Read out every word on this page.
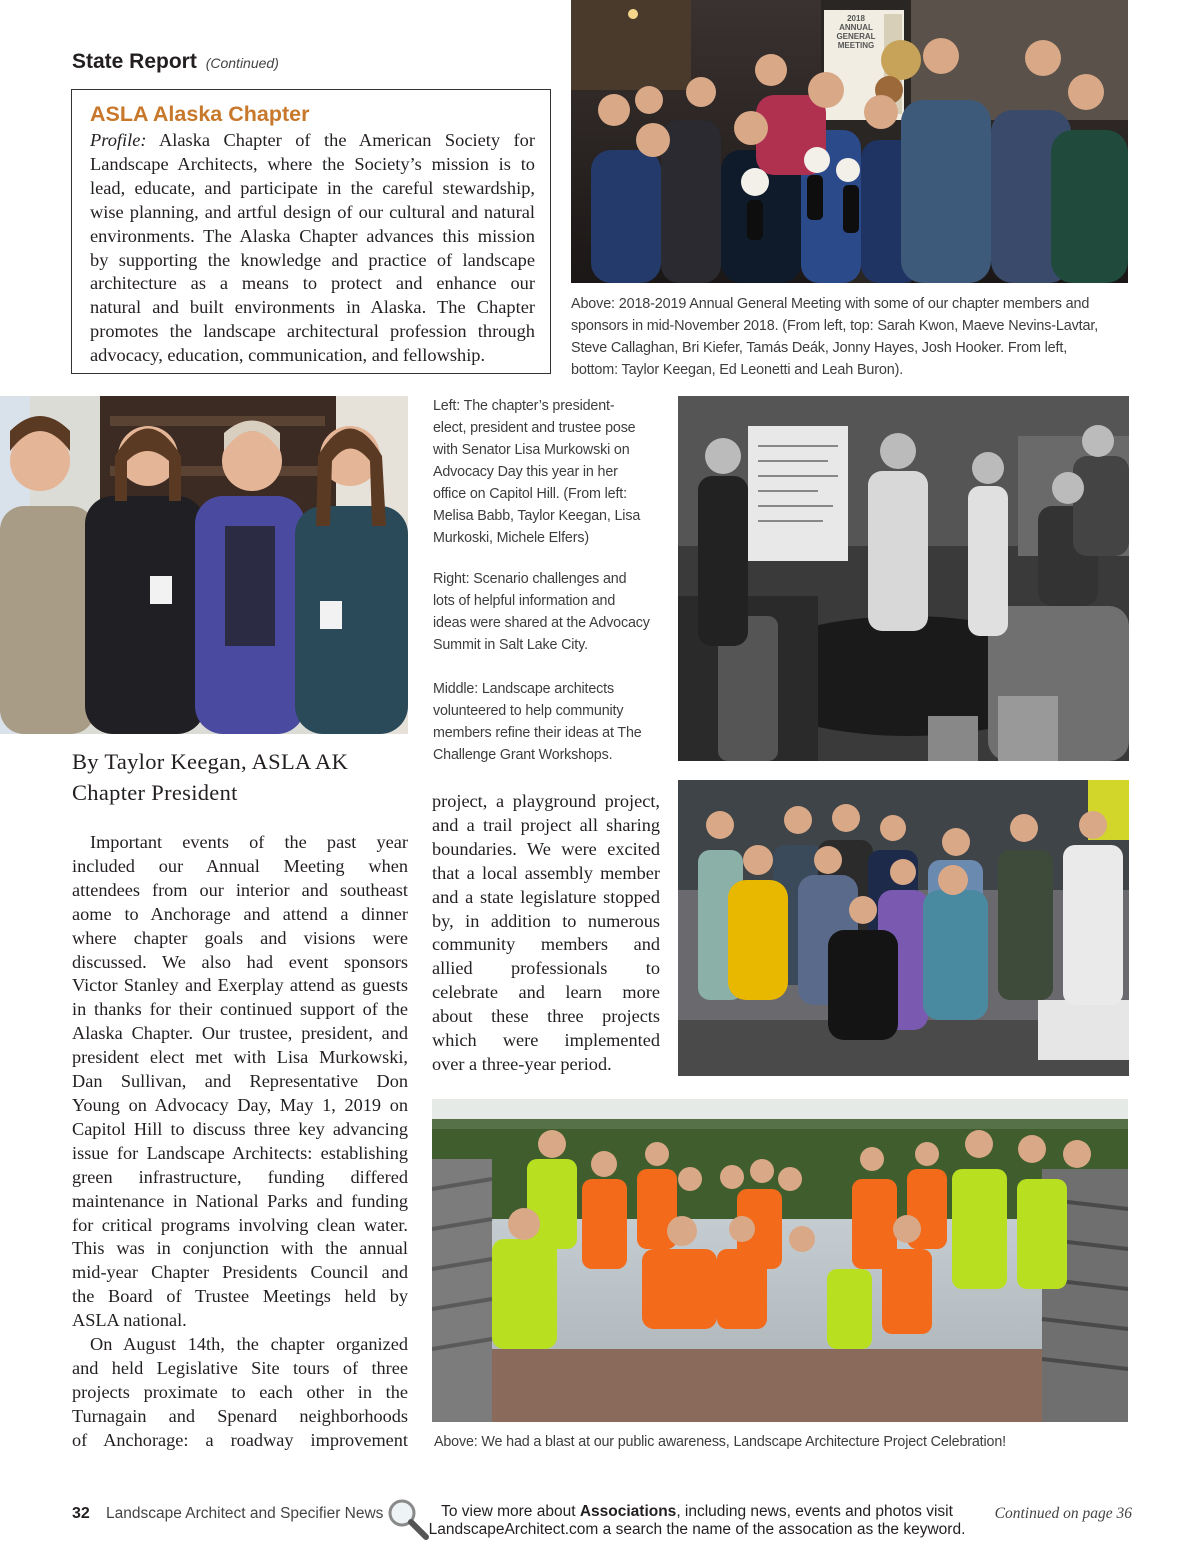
State Report (Continued)
ASLA Alaska Chapter
Profile: Alaska Chapter of the American Society for
Landscape Architects, where the Society’s mission is to
lead, educate, and participate in the careful stewardship,
wise planning, and artful design of our cultural and natural
environments. The Alaska Chapter advances this mission
by supporting the knowledge and practice of landscape
architecture as a means to protect and enhance our
natural and built environments in Alaska. The Chapter
promotes the landscape architectural profession through
advocacy, education, communication, and fellowship.
2018
ANNUAL
GENERAL
MEETING
Above: 2018-2019 Annual General Meeting with some of our chapter members and
sponsors in mid-November 2018. (From left, top: Sarah Kwon, Maeve Nevins-Lavtar,
Steve Callaghan, Bri Kiefer, Tamás Deák, Jonny Hayes, Josh Hooker. From left,
bottom: Taylor Keegan, Ed Leonetti and Leah Buron).
Left: The chapter’s president-
elect, president and trustee pose
with Senator Lisa Murkowski on
Advocacy Day this year in her
office on Capitol Hill. (From left:
Melisa Babb, Taylor Keegan, Lisa
Murkoski, Michele Elfers)
Right: Scenario challenges and
lots of helpful information and
ideas were shared at the Advocacy
Summit in Salt Lake City.
Middle: Landscape architects
volunteered to help community
members refine their ideas at The
Challenge Grant Workshops.
By Taylor Keegan, ASLA AK
Chapter President
Important events of the past year
included our Annual Meeting when
attendees from our interior and southeast
aome to Anchorage and attend a dinner
where chapter goals and visions were
discussed. We also had event sponsors
Victor Stanley and Exerplay attend as guests
in thanks for their continued support of the
Alaska Chapter. Our trustee, president, and
president elect met with Lisa Murkowski,
Dan Sullivan, and Representative Don
Young on Advocacy Day, May 1, 2019 on
Capitol Hill to discuss three key advancing
issue for Landscape Architects: establishing
green infrastructure, funding differed
maintenance in National Parks and funding
for critical programs involving clean water.
This was in conjunction with the annual
mid-year Chapter Presidents Council and
the Board of Trustee Meetings held by
ASLA national.
On August 14th, the chapter organized
and held Legislative Site tours of three
projects proximate to each other in the
Turnagain and Spenard neighborhoods
of Anchorage: a roadway improvement
project, a playground project,
and a trail project all sharing
boundaries. We were excited
that a local assembly member
and a state legislature stopped
by, in addition to numerous
community members and
allied professionals to
celebrate and learn more
about these three projects
which were implemented
over a three-year period.
Above: We had a blast at our public awareness, Landscape Architecture Project Celebration!
32 Landscape Architect and Specifier News	To view more about Associations, including news, events and photos visit
LandscapeArchitect.com a search the name of the assocation as the keyword.
Continued on page 36
